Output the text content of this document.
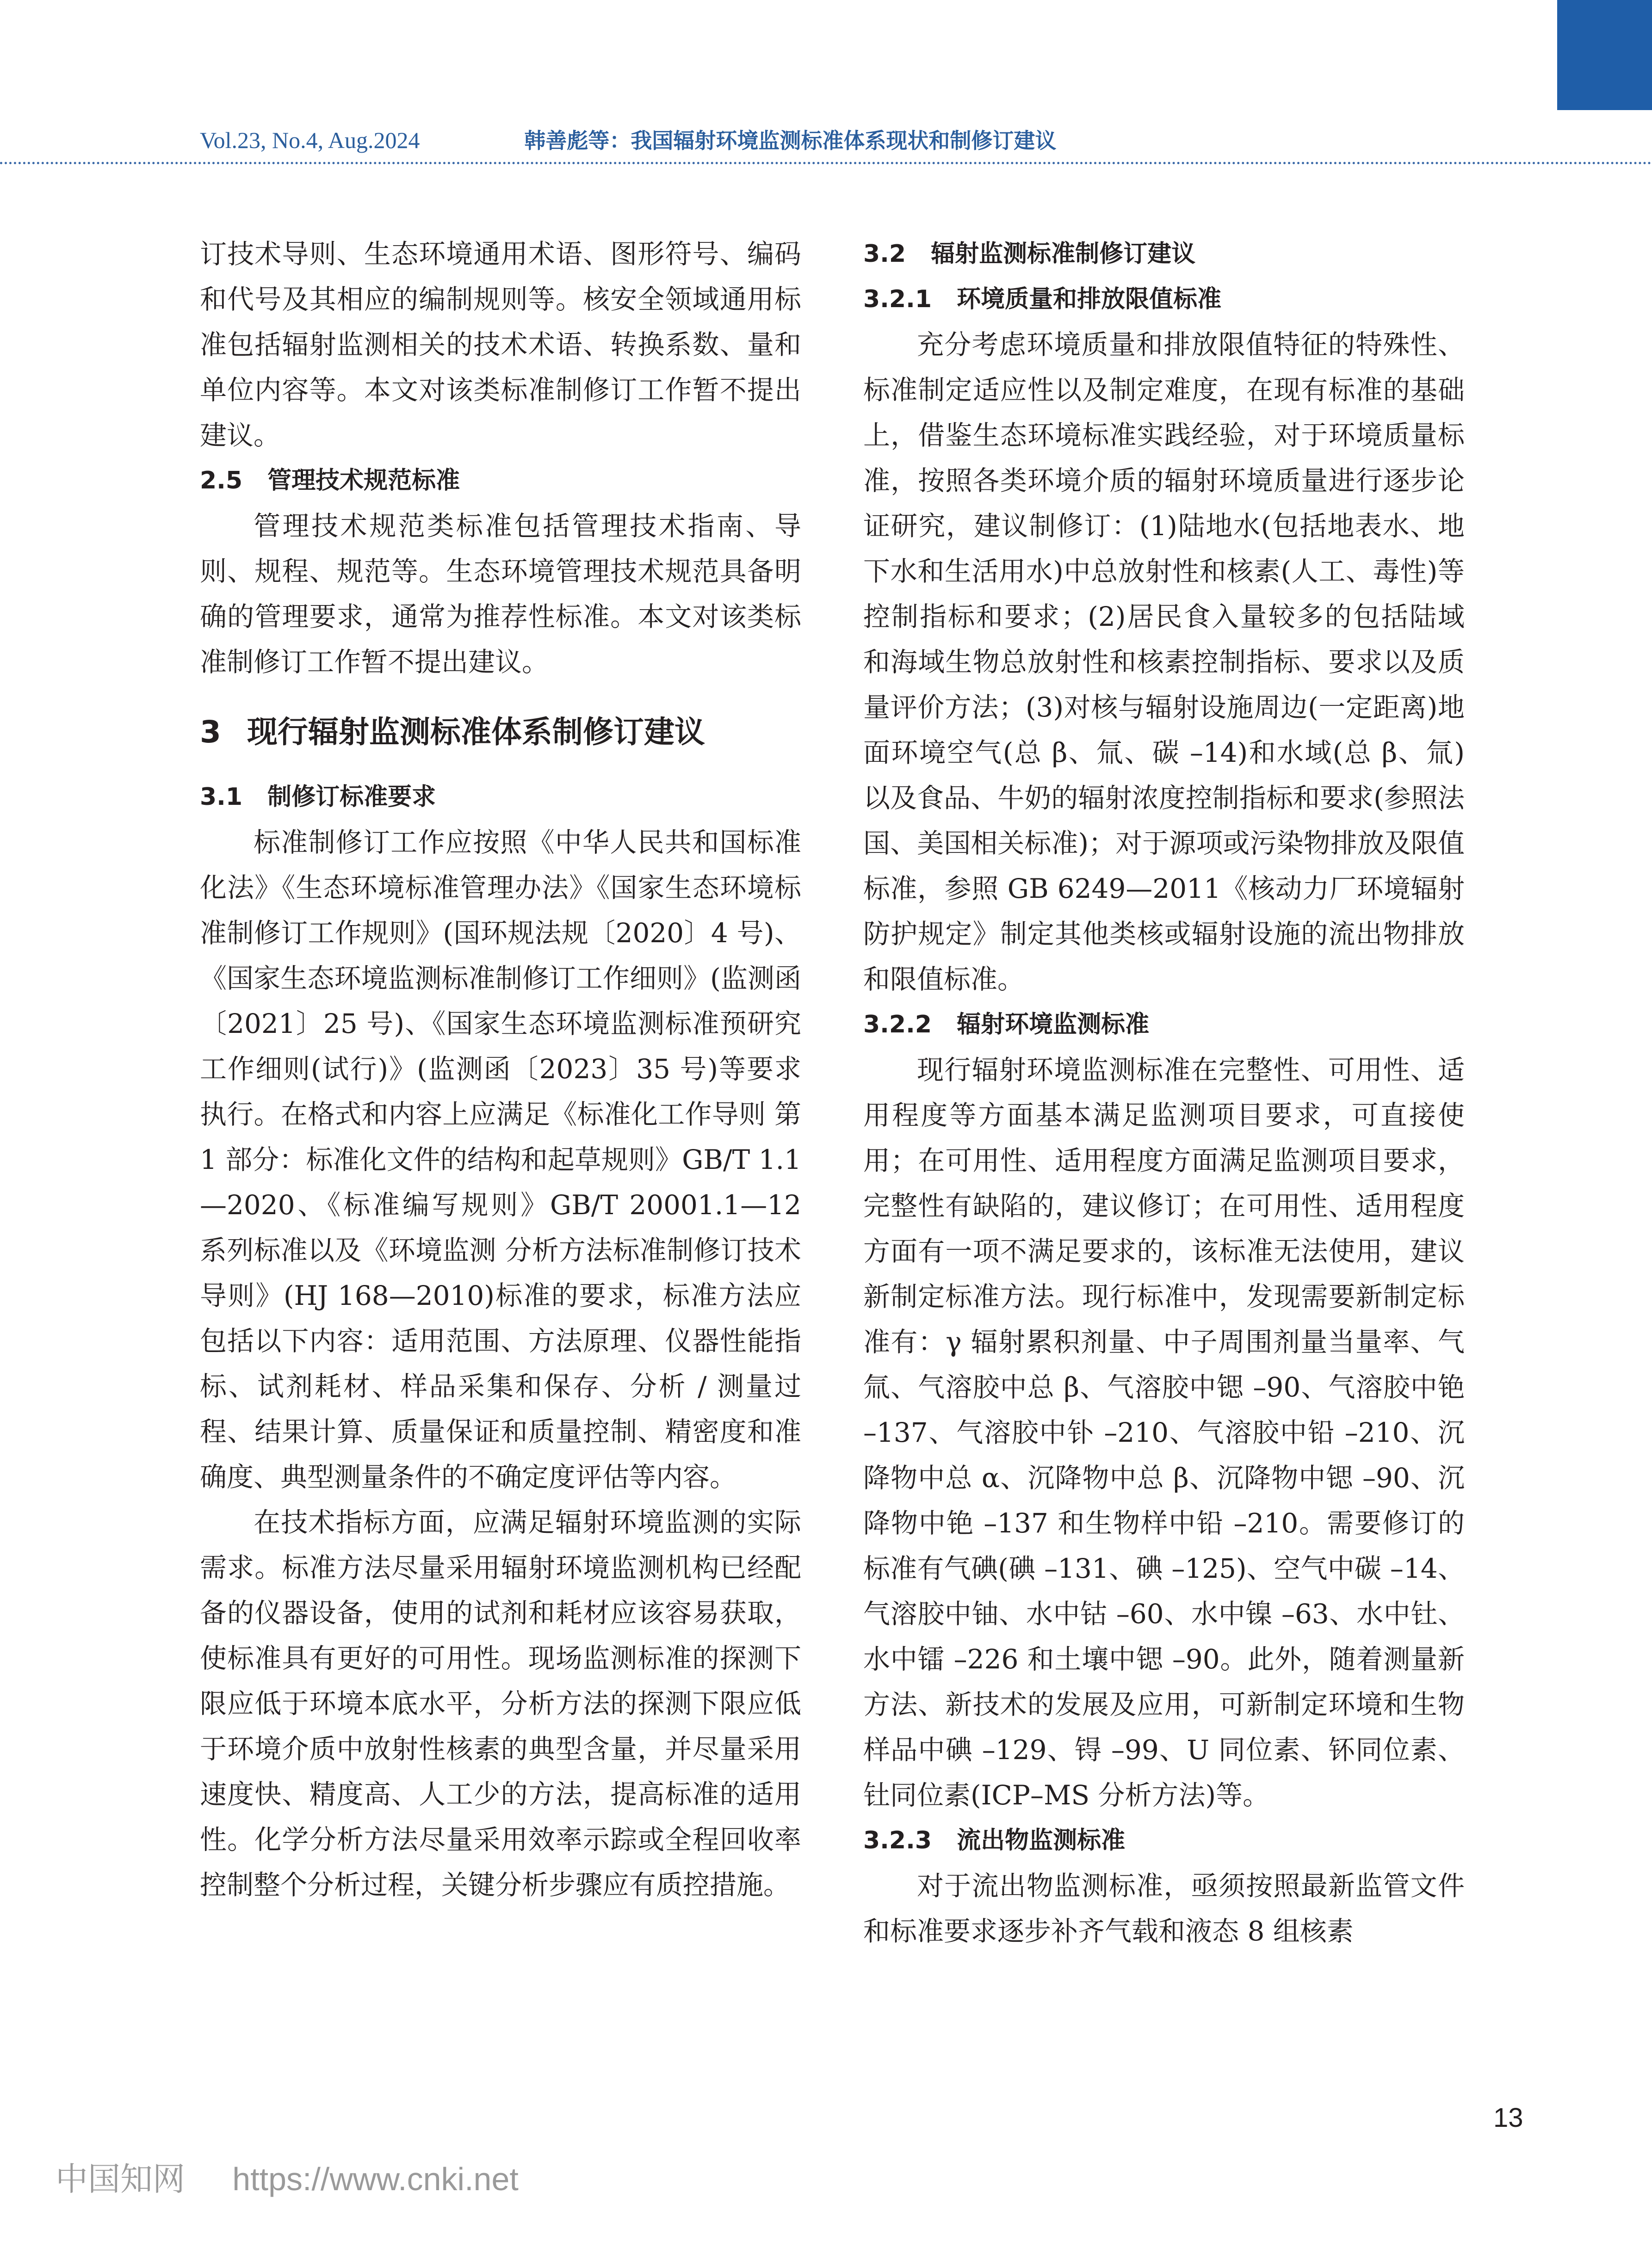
Vol.23, No.4, Aug.2024	韩善彪等：我国辐射环境监测标准体系现状和制修订建议

订技术导则、生态环境通用术语、图形符号、编码和代号及其相应的编制规则等。核安全领域通用标准包括辐射监测相关的技术术语、转换系数、量和单位内容等。本文对该类标准制修订工作暂不提出建议。

2.5 管理技术规范标准

管理技术规范类标准包括管理技术指南、导则、规程、规范等。生态环境管理技术规范具备明确的管理要求，通常为推荐性标准。本文对该类标准制修订工作暂不提出建议。

3 现行辐射监测标准体系制修订建议
3.1 制修订标准要求

标准制修订工作应按照《中华人民共和国标准化法》《生态环境标准管理办法》《国家生态环境标准制修订工作规则》(国环规法规〔2020〕4 号)、《国家生态环境监测标准制修订工作细则》(监测函〔2021〕25 号)、《国家生态环境监测标准预研究工作细则(试行)》(监测函〔2023〕35 号)等要求执行。在格式和内容上应满足《标准化工作导则 第 1 部分：标准化文件的结构和起草规则》GB/T 1.1—2020、《标准编写规则》GB/T 20001.1—12 系列标准以及《环境监测 分析方法标准制修订技术导则》(HJ 168—2010)标准的要求，标准方法应包括以下内容：适用范围、方法原理、仪器性能指标、试剂耗材、样品采集和保存、分析 / 测量过程、结果计算、质量保证和质量控制、精密度和准确度、典型测量条件的不确定度评估等内容。

在技术指标方面，应满足辐射环境监测的实际需求。标准方法尽量采用辐射环境监测机构已经配备的仪器设备，使用的试剂和耗材应该容易获取，使标准具有更好的可用性。现场监测标准的探测下限应低于环境本底水平，分析方法的探测下限应低于环境介质中放射性核素的典型含量，并尽量采用速度快、精度高、人工少的方法，提高标准的适用性。化学分析方法尽量采用效率示踪或全程回收率控制整个分析过程，关键分析步骤应有质控措施。

3.2 辐射监测标准制修订建议
3.2.1 环境质量和排放限值标准

充分考虑环境质量和排放限值特征的特殊性、标准制定适应性以及制定难度，在现有标准的基础上，借鉴生态环境标准实践经验，对于环境质量标准，按照各类环境介质的辐射环境质量进行逐步论证研究，建议制修订：(1)陆地水(包括地表水、地下水和生活用水)中总放射性和核素(人工、毒性)等控制指标和要求；(2)居民食入量较多的包括陆域和海域生物总放射性和核素控制指标、要求以及质量评价方法；(3)对核与辐射设施周边(一定距离)地面环境空气(总 β、氚、碳 –14)和水域(总 β、氚)以及食品、牛奶的辐射浓度控制指标和要求(参照法国、美国相关标准)；对于源项或污染物排放及限值标准，参照 GB 6249—2011《核动力厂环境辐射防护规定》制定其他类核或辐射设施的流出物排放和限值标准。

3.2.2 辐射环境监测标准

现行辐射环境监测标准在完整性、可用性、适用程度等方面基本满足监测项目要求，可直接使用；在可用性、适用程度方面满足监测项目要求，完整性有缺陷的，建议修订；在可用性、适用程度方面有一项不满足要求的，该标准无法使用，建议新制定标准方法。现行标准中，发现需要新制定标准有：γ 辐射累积剂量、中子周围剂量当量率、气氚、气溶胶中总 β、气溶胶中锶 –90、气溶胶中铯 –137、气溶胶中钋 –210、气溶胶中铅 –210、沉降物中总 α、沉降物中总 β、沉降物中锶 –90、沉降物中铯 –137 和生物样中铅 –210。需要修订的标准有气碘(碘 –131、碘 –125)、空气中碳 –14、气溶胶中铀、水中钴 –60、水中镍 –63、水中钍、水中镭 –226 和土壤中锶 –90。此外，随着测量新方法、新技术的发展及应用，可新制定环境和生物样品中碘 –129、锝 –99、U 同位素、钚同位素、钍同位素(ICP–MS 分析方法)等。

3.2.3 流出物监测标准

对于流出物监测标准，亟须按照最新监管文件和标准要求逐步补齐气载和液态 8 组核素

13
中国知网 https://www.cnki.net
